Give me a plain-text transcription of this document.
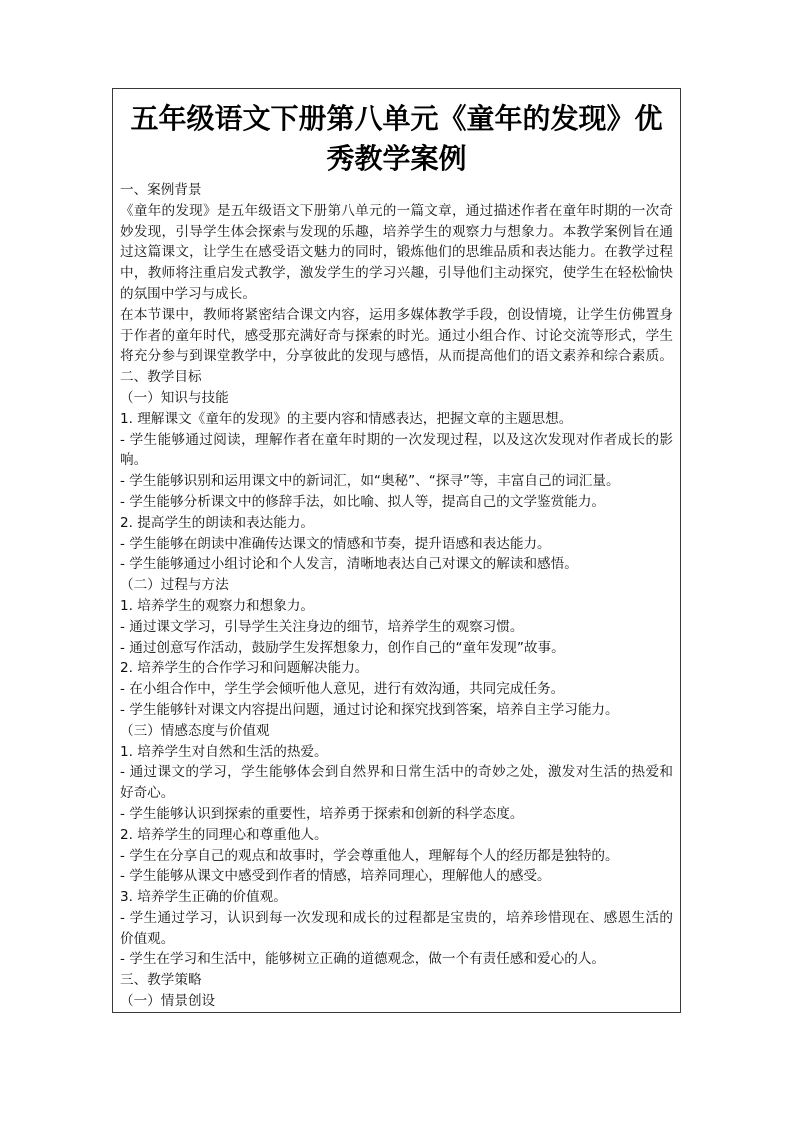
五年级语文下册第八单元《童年的发现》优
秀教学案例
一、案例背景
《童年的发现》是五年级语文下册第八单元的一篇文章，通过描述作者在童年时期的一次奇
妙发现，引导学生体会探索与发现的乐趣，培养学生的观察力与想象力。本教学案例旨在通
过这篇课文，让学生在感受语文魅力的同时，锻炼他们的思维品质和表达能力。在教学过程
中，教师将注重启发式教学，激发学生的学习兴趣，引导他们主动探究，使学生在轻松愉快
的氛围中学习与成长。
在本节课中，教师将紧密结合课文内容，运用多媒体教学手段，创设情境，让学生仿佛置身
于作者的童年时代，感受那充满好奇与探索的时光。通过小组合作、讨论交流等形式，学生
将充分参与到课堂教学中，分享彼此的发现与感悟，从而提高他们的语文素养和综合素质。
二、教学目标
（一）知识与技能
1. 理解课文《童年的发现》的主要内容和情感表达，把握文章的主题思想。
- 学生能够通过阅读，理解作者在童年时期的一次发现过程，以及这次发现对作者成长的影
响。
- 学生能够识别和运用课文中的新词汇，如“奥秘”、“探寻”等，丰富自己的词汇量。
- 学生能够分析课文中的修辞手法，如比喻、拟人等，提高自己的文学鉴赏能力。
2. 提高学生的朗读和表达能力。
- 学生能够在朗读中准确传达课文的情感和节奏，提升语感和表达能力。
- 学生能够通过小组讨论和个人发言，清晰地表达自己对课文的解读和感悟。
（二）过程与方法
1. 培养学生的观察力和想象力。
- 通过课文学习，引导学生关注身边的细节，培养学生的观察习惯。
- 通过创意写作活动，鼓励学生发挥想象力，创作自己的“童年发现”故事。
2. 培养学生的合作学习和问题解决能力。
- 在小组合作中，学生学会倾听他人意见，进行有效沟通，共同完成任务。
- 学生能够针对课文内容提出问题，通过讨论和探究找到答案，培养自主学习能力。
（三）情感态度与价值观
1. 培养学生对自然和生活的热爱。
- 通过课文的学习，学生能够体会到自然界和日常生活中的奇妙之处，激发对生活的热爱和
好奇心。
- 学生能够认识到探索的重要性，培养勇于探索和创新的科学态度。
2. 培养学生的同理心和尊重他人。
- 学生在分享自己的观点和故事时，学会尊重他人，理解每个人的经历都是独特的。
- 学生能够从课文中感受到作者的情感，培养同理心，理解他人的感受。
3. 培养学生正确的价值观。
- 学生通过学习，认识到每一次发现和成长的过程都是宝贵的，培养珍惜现在、感恩生活的
价值观。
- 学生在学习和生活中，能够树立正确的道德观念，做一个有责任感和爱心的人。
三、教学策略
（一）情景创设
